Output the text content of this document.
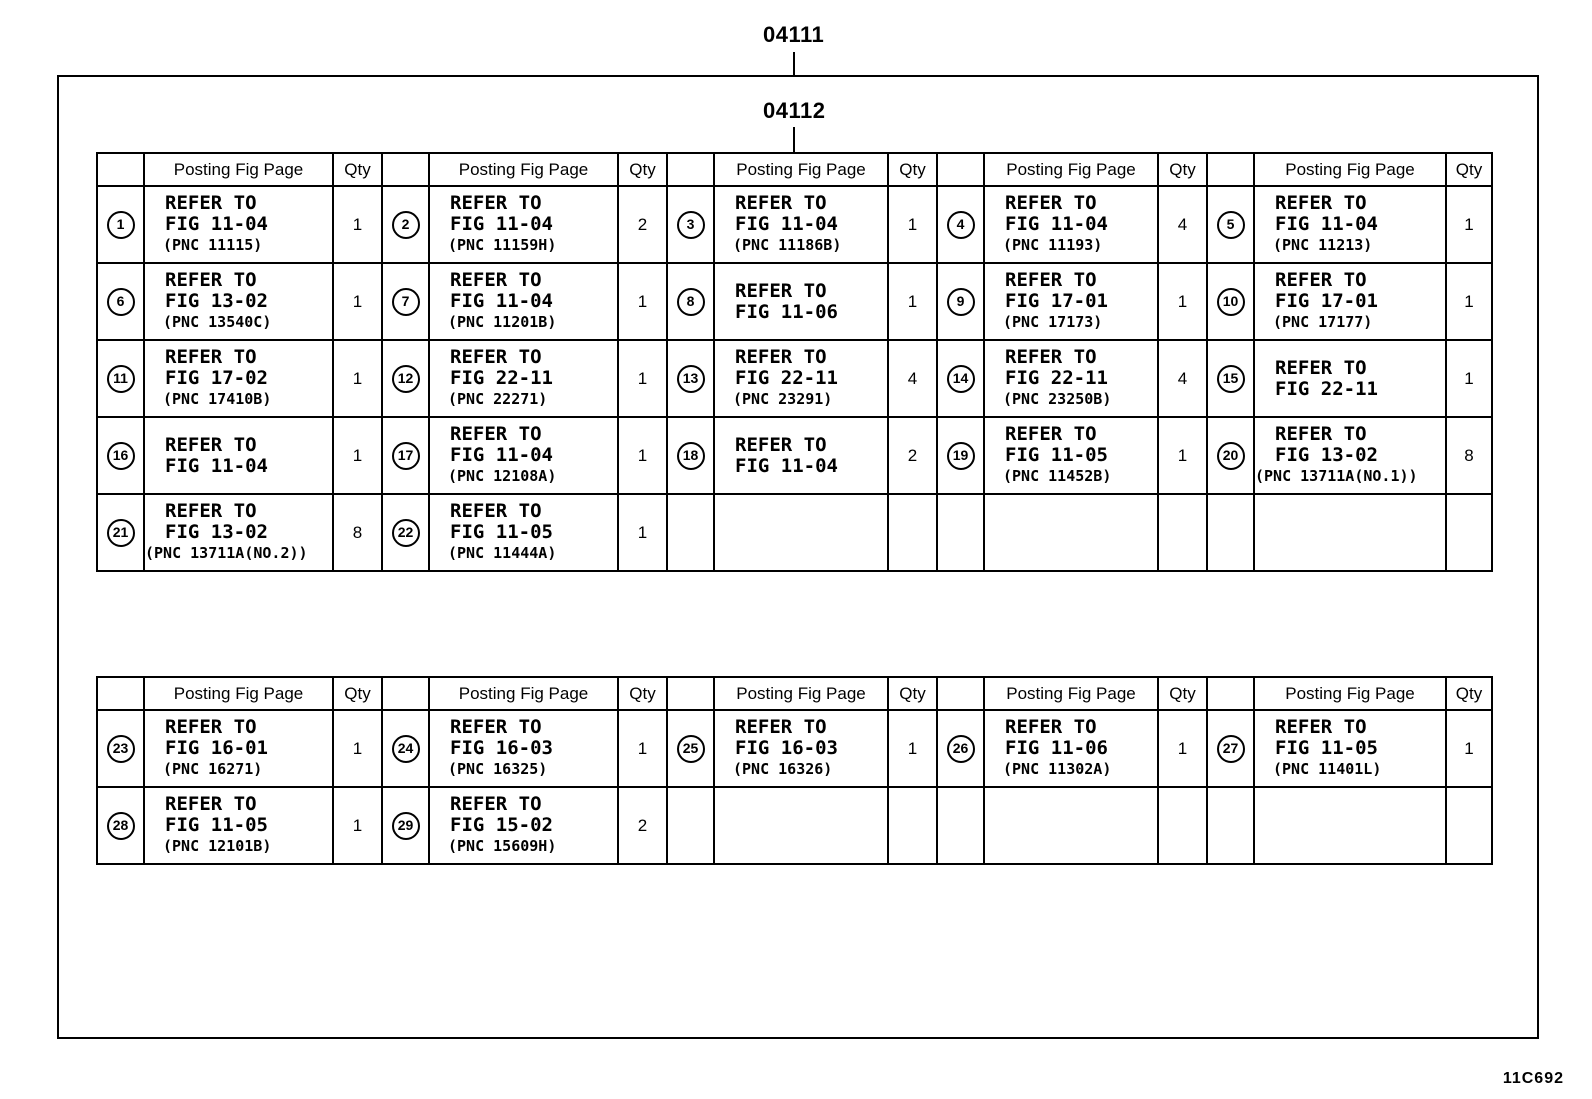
04111
04112
	Posting Fig Page	Qty		Posting Fig Page	Qty		Posting Fig Page	Qty		Posting Fig Page	Qty		Posting Fig Page	Qty
1	REFER TO
FIG 11-04
(PNC 11115)	1	2	REFER TO
FIG 11-04
(PNC 11159H)	2	3	REFER TO
FIG 11-04
(PNC 11186B)	1	4	REFER TO
FIG 11-04
(PNC 11193)	4	5	REFER TO
FIG 11-04
(PNC 11213)	1
6	REFER TO
FIG 13-02
(PNC 13540C)	1	7	REFER TO
FIG 11-04
(PNC 11201B)	1	8	REFER TO
FIG 11-06	1	9	REFER TO
FIG 17-01
(PNC 17173)	1	10	REFER TO
FIG 17-01
(PNC 17177)	1
11	REFER TO
FIG 17-02
(PNC 17410B)	1	12	REFER TO
FIG 22-11
(PNC 22271)	1	13	REFER TO
FIG 22-11
(PNC 23291)	4	14	REFER TO
FIG 22-11
(PNC 23250B)	4	15	REFER TO
FIG 22-11	1
16	REFER TO
FIG 11-04	1	17	REFER TO
FIG 11-04
(PNC 12108A)	1	18	REFER TO
FIG 11-04	2	19	REFER TO
FIG 11-05
(PNC 11452B)	1	20	REFER TO
FIG 13-02
(PNC 13711A(NO.1))	8
21	REFER TO
FIG 13-02
(PNC 13711A(NO.2))	8	22	REFER TO
FIG 11-05
(PNC 11444A)	1									
	Posting Fig Page	Qty		Posting Fig Page	Qty		Posting Fig Page	Qty		Posting Fig Page	Qty		Posting Fig Page	Qty
23	REFER TO
FIG 16-01
(PNC 16271)	1	24	REFER TO
FIG 16-03
(PNC 16325)	1	25	REFER TO
FIG 16-03
(PNC 16326)	1	26	REFER TO
FIG 11-06
(PNC 11302A)	1	27	REFER TO
FIG 11-05
(PNC 11401L)	1
28	REFER TO
FIG 11-05
(PNC 12101B)	1	29	REFER TO
FIG 15-02
(PNC 15609H)	2									
11C692
